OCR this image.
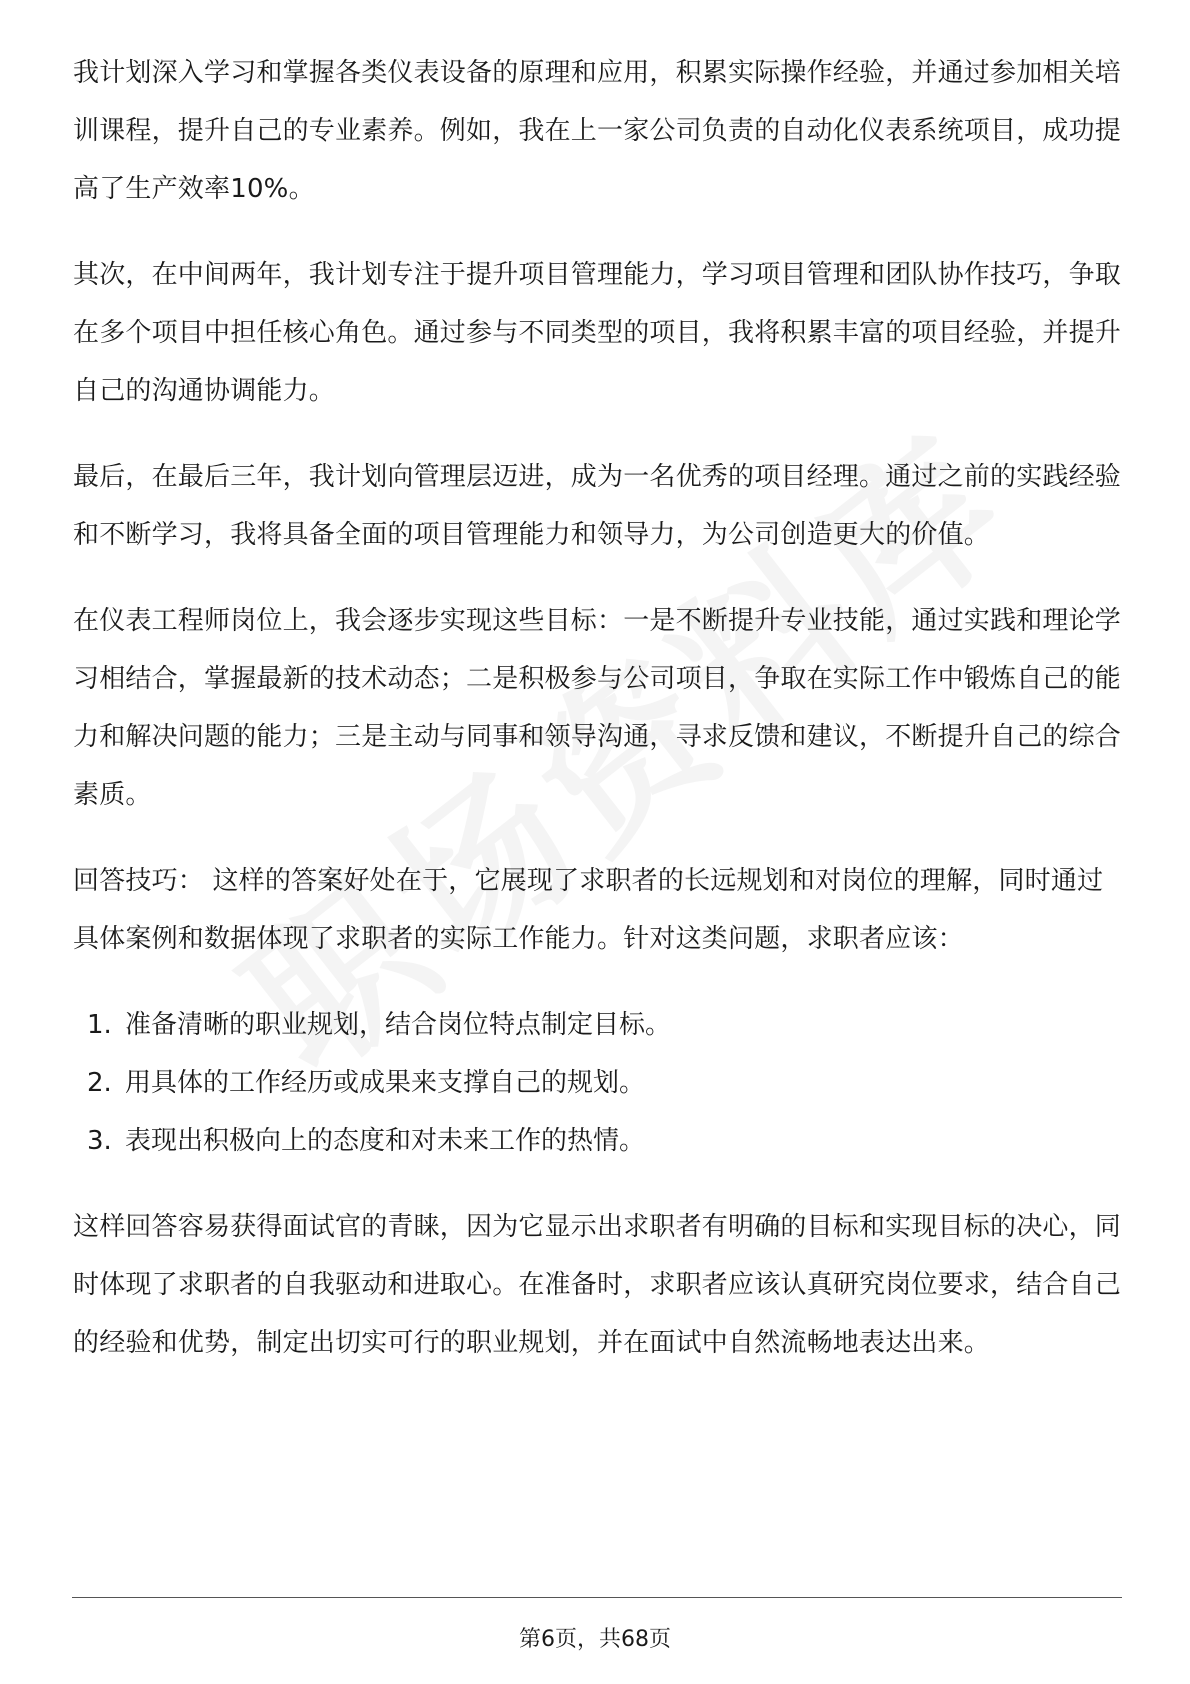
我计划深入学习和掌握各类仪表设备的原理和应用，积累实际操作经验，并通过参加相关培训课程，提升自己的专业素养。例如，我在上一家公司负责的自动化仪表系统项目，成功提高了生产效率10%。

其次，在中间两年，我计划专注于提升项目管理能力，学习项目管理和团队协作技巧，争取在多个项目中担任核心角色。通过参与不同类型的项目，我将积累丰富的项目经验，并提升自己的沟通协调能力。

最后，在最后三年，我计划向管理层迈进，成为一名优秀的项目经理。通过之前的实践经验和不断学习，我将具备全面的项目管理能力和领导力，为公司创造更大的价值。

在仪表工程师岗位上，我会逐步实现这些目标：一是不断提升专业技能，通过实践和理论学习相结合，掌握最新的技术动态；二是积极参与公司项目，争取在实际工作中锻炼自己的能力和解决问题的能力；三是主动与同事和领导沟通，寻求反馈和建议，不断提升自己的综合素质。

回答技巧： 这样的答案好处在于，它展现了求职者的长远规划和对岗位的理解，同时通过具体案例和数据体现了求职者的实际工作能力。针对这类问题，求职者应该：

1. 准备清晰的职业规划，结合岗位特点制定目标。
2. 用具体的工作经历或成果来支撑自己的规划。
3. 表现出积极向上的态度和对未来工作的热情。

这样回答容易获得面试官的青睐，因为它显示出求职者有明确的目标和实现目标的决心，同时体现了求职者的自我驱动和进取心。在准备时，求职者应该认真研究岗位要求，结合自己的经验和优势，制定出切实可行的职业规划，并在面试中自然流畅地表达出来。

第6页，共68页
